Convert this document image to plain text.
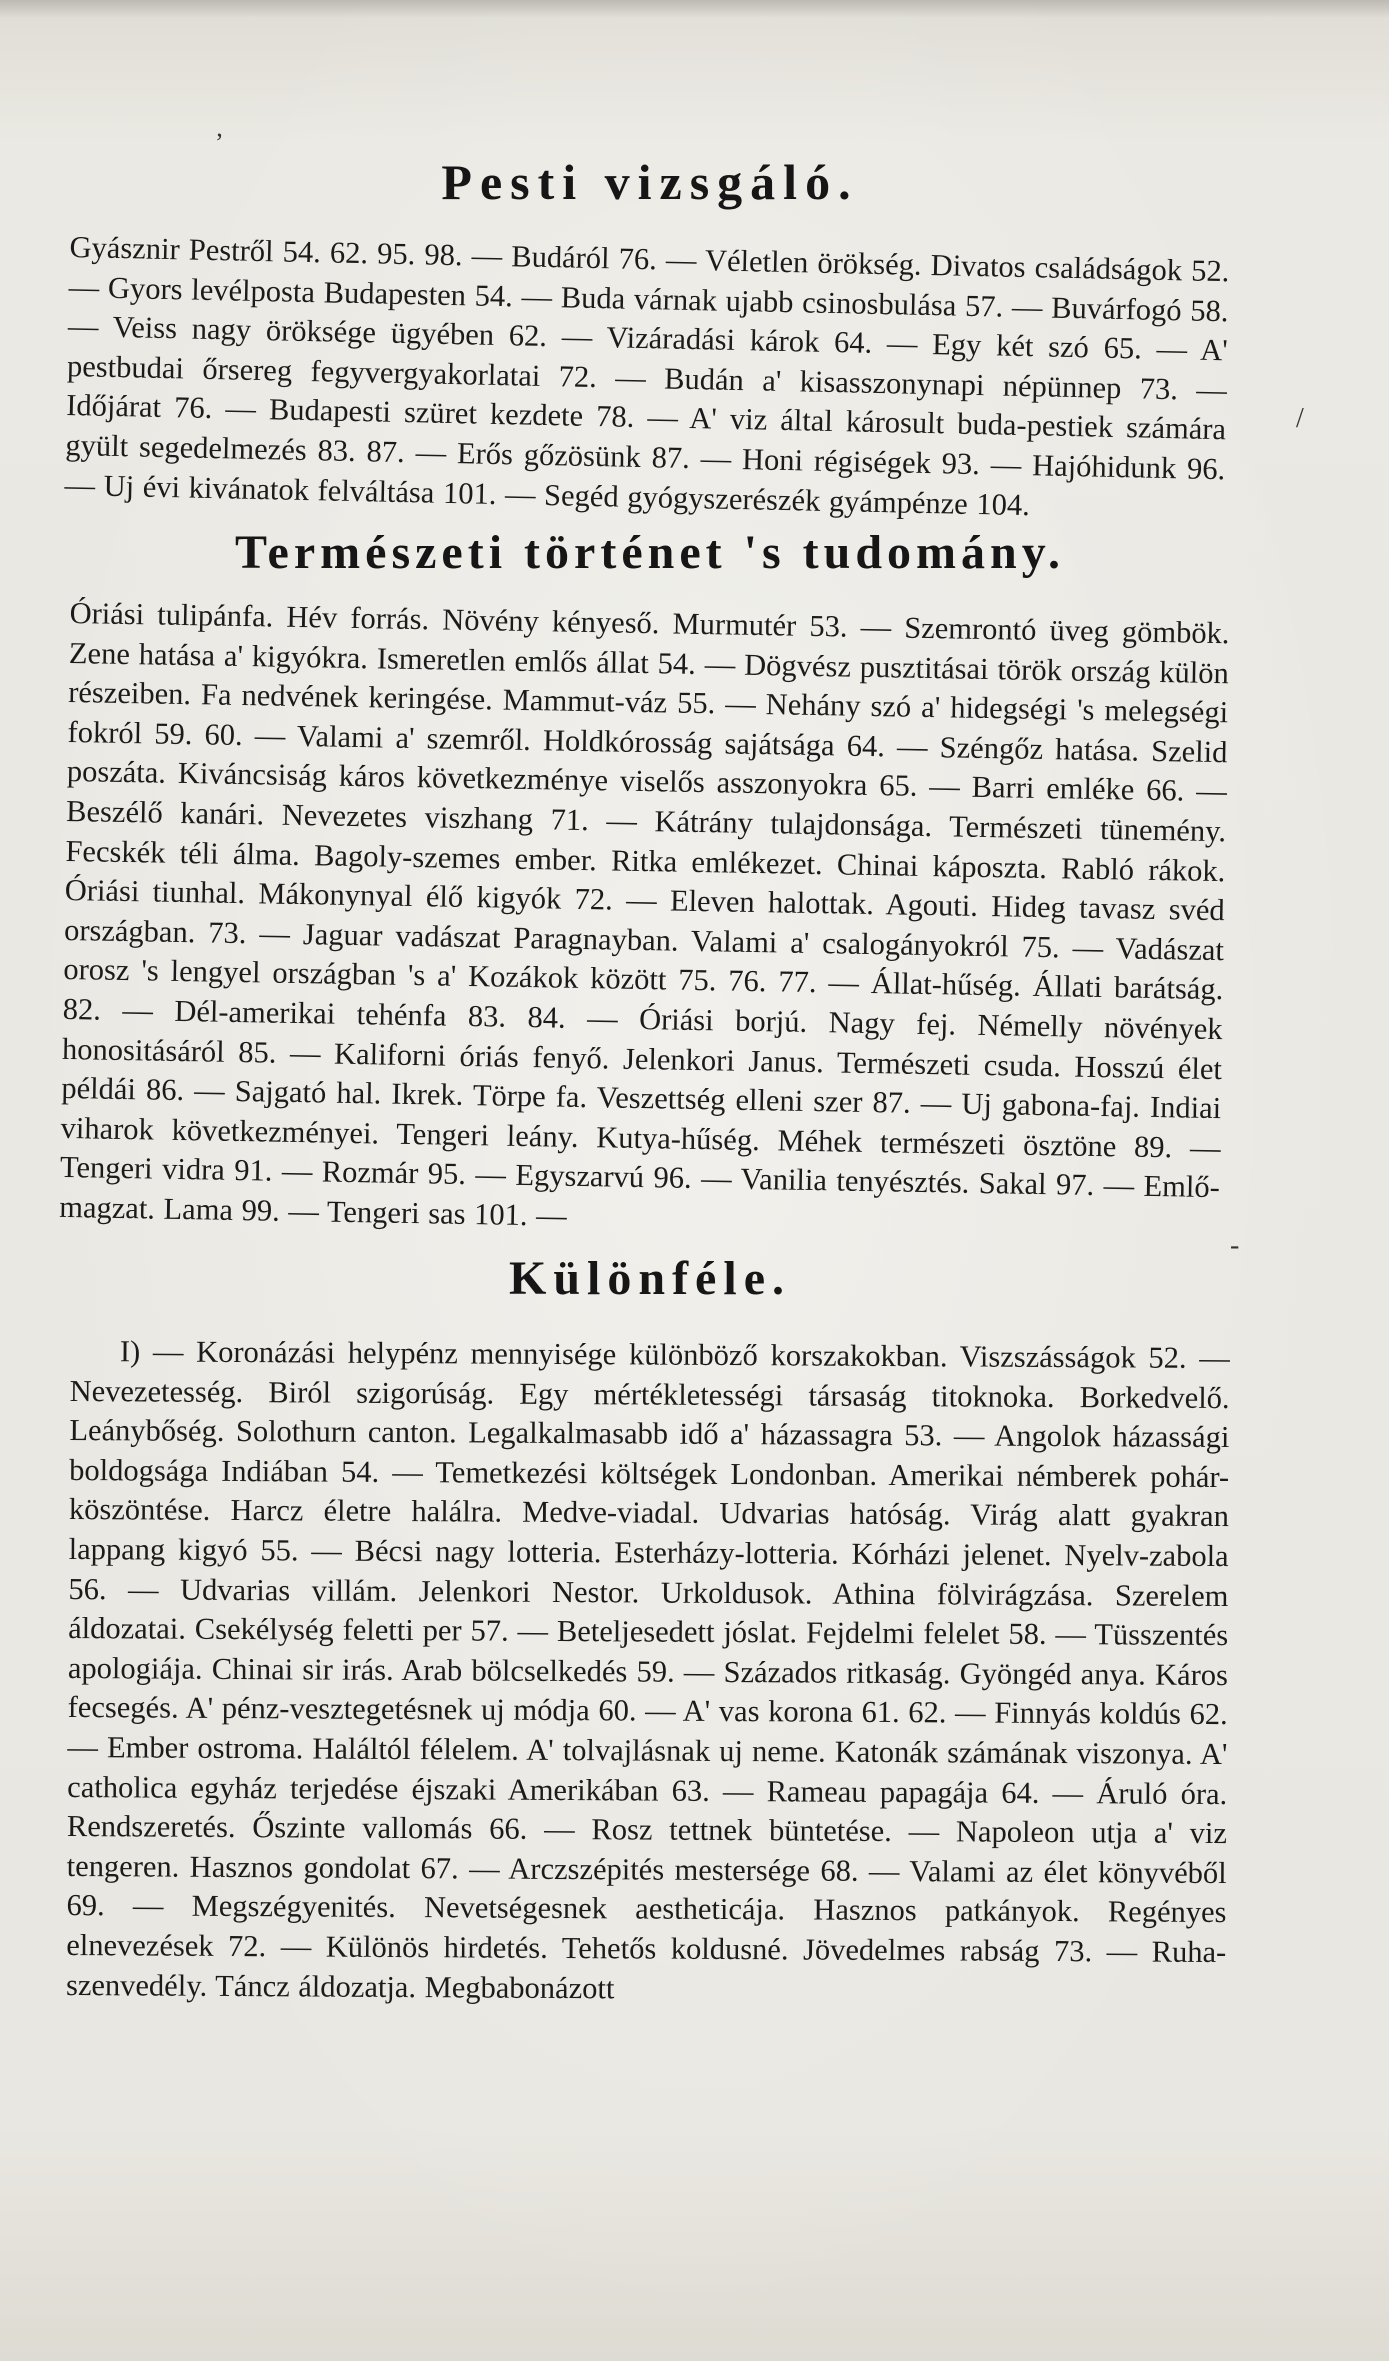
’
/
-
Pesti vizsgáló.

Gyásznir Pestről 54. 62. 95. 98. — Budáról 76. — Véletlen örökség. Divatos családságok 52. — Gyors levélposta Budapesten 54. — Buda várnak ujabb csinosbulása 57. — Buvárfogó 58. — Veiss nagy öröksége ügyében 62. — Vizáradási károk 64. — Egy két szó 65. — A' pestbudai őrsereg fegyvergyakorlatai 72. — Budán a' kisasszonynapi népünnep 73. — Időjárat 76. — Budapesti szüret kezdete 78. — A' viz által károsult buda-pestiek számára gyült segedelmezés 83. 87. — Erős gőzösünk 87. — Honi régiségek 93. — Hajóhidunk 96. — Uj évi kivánatok felváltása 101. — Segéd gyógyszerészék gyámpénze 104.

Természeti történet 's tudomány.

Óriási tulipánfa. Hév forrás. Növény kényeső. Murmutér 53. — Szemrontó üveg gömbök. Zene hatása a' kigyókra. Ismeretlen emlős állat 54. — Dögvész pusztitásai török ország külön részeiben. Fa nedvének keringése. Mammut-váz 55. — Nehány szó a' hidegségi 's melegségi fokról 59. 60. — Valami a' szemről. Holdkórosság sajátsága 64. — Széngőz hatása. Szelid poszáta. Kiváncsiság káros következménye viselős asszonyokra 65. — Barri emléke 66. — Beszélő kanári. Nevezetes viszhang 71. — Kátrány tulajdonsága. Természeti tünemény. Fecskék téli álma. Bagoly-szemes ember. Ritka emlékezet. Chinai káposzta. Rabló rákok. Óriási tiunhal. Mákonynyal élő kigyók 72. — Eleven halottak. Agouti. Hideg tavasz svéd országban. 73. — Jaguar vadászat Paragnayban. Valami a' csalogányokról 75. — Vadászat orosz 's lengyel országban 's a' Kozákok között 75. 76. 77. — Állat-hűség. Állati barátság. 82. — Dél-amerikai tehénfa 83. 84. — Óriási borjú. Nagy fej. Némelly növények honositásáról 85. — Kaliforni óriás fenyő. Jelenkori Janus. Természeti csuda. Hosszú élet példái 86. — Sajgató hal. Ikrek. Törpe fa. Veszettség elleni szer 87. — Uj gabona-faj. Indiai viharok következményei. Tengeri leány. Kutya-hűség. Méhek természeti ösztöne 89. — Tengeri vidra 91. — Rozmár 95. — Egyszarvú 96. — Vanilia tenyésztés. Sakal 97. — Emlő-magzat. Lama 99. — Tengeri sas 101. —

Különféle.

I) — Koronázási helypénz mennyisége különböző korszakokban. Viszszásságok 52. — Nevezetesség. Biról szigorúság. Egy mértékletességi társaság titoknoka. Borkedvelő. Leánybőség. Solothurn canton. Legalkalmasabb idő a' házassagra 53. — Angolok házassági boldogsága Indiában 54. — Temetkezési költségek Londonban. Amerikai némberek pohár-köszöntése. Harcz életre halálra. Medve-viadal. Udvarias hatóság. Virág alatt gyakran lappang kigyó 55. — Bécsi nagy lotteria. Esterházy-lotteria. Kórházi jelenet. Nyelv-zabola 56. — Udvarias villám. Jelenkori Nestor. Urkoldusok. Athina fölvirágzása. Szerelem áldozatai. Csekélység feletti per 57. — Beteljesedett jóslat. Fejdelmi felelet 58. — Tüsszentés apologiája. Chinai sir irás. Arab bölcselkedés 59. — Százados ritkaság. Gyöngéd anya. Káros fecsegés. A' pénz-vesztegetésnek uj módja 60. — A' vas korona 61. 62. — Finnyás koldús 62. — Ember ostroma. Haláltól félelem. A' tolvajlásnak uj neme. Katonák számának viszonya. A' catholica egyház terjedése éjszaki Amerikában 63. — Rameau papagája 64. — Áruló óra. Rendszeretés. Őszinte vallomás 66. — Rosz tettnek büntetése. — Napoleon utja a' viz tengeren. Hasznos gondolat 67. — Arczszépités mestersége 68. — Valami az élet könyvéből 69. — Megszégyenités. Nevetségesnek aestheticája. Hasznos patkányok. Regényes elnevezések 72. — Különös hirdetés. Tehetős koldusné. Jövedelmes rabság 73. — Ruha-szenvedély. Táncz áldozatja. Megbabonázott
